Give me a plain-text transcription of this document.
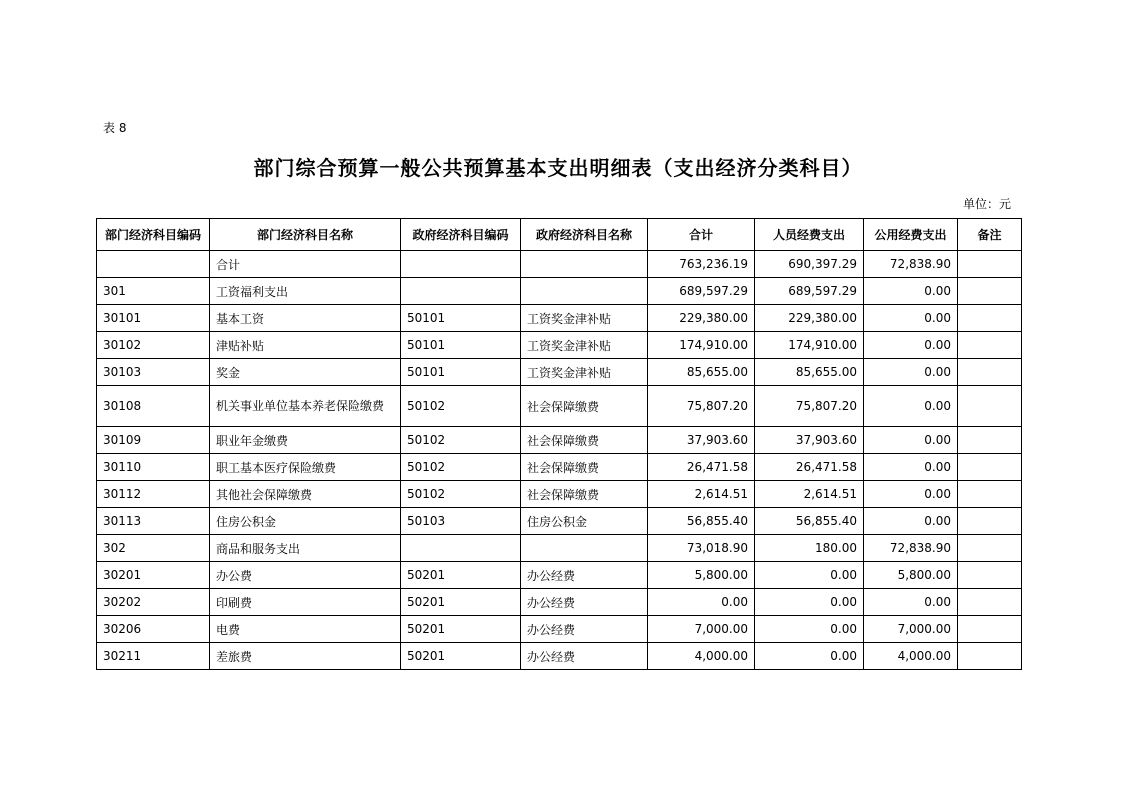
表 8
部门综合预算一般公共预算基本支出明细表（支出经济分类科目）
单位：元
部门经济科目编码	部门经济科目名称	政府经济科目编码	政府经济科目名称	合计	人员经费支出	公用经费支出	备注
	合计			763,236.19	690,397.29	72,838.90	
301	工资福利支出			689,597.29	689,597.29	0.00	
30101	基本工资	50101	工资奖金津补贴	229,380.00	229,380.00	0.00	
30102	津贴补贴	50101	工资奖金津补贴	174,910.00	174,910.00	0.00	
30103	奖金	50101	工资奖金津补贴	85,655.00	85,655.00	0.00	
30108	机关事业单位基本养老保险缴费	50102	社会保障缴费	75,807.20	75,807.20	0.00	
30109	职业年金缴费	50102	社会保障缴费	37,903.60	37,903.60	0.00	
30110	职工基本医疗保险缴费	50102	社会保障缴费	26,471.58	26,471.58	0.00	
30112	其他社会保障缴费	50102	社会保障缴费	2,614.51	2,614.51	0.00	
30113	住房公积金	50103	住房公积金	56,855.40	56,855.40	0.00	
302	商品和服务支出			73,018.90	180.00	72,838.90	
30201	办公费	50201	办公经费	5,800.00	0.00	5,800.00	
30202	印刷费	50201	办公经费	0.00	0.00	0.00	
30206	电费	50201	办公经费	7,000.00	0.00	7,000.00	
30211	差旅费	50201	办公经费	4,000.00	0.00	4,000.00	
